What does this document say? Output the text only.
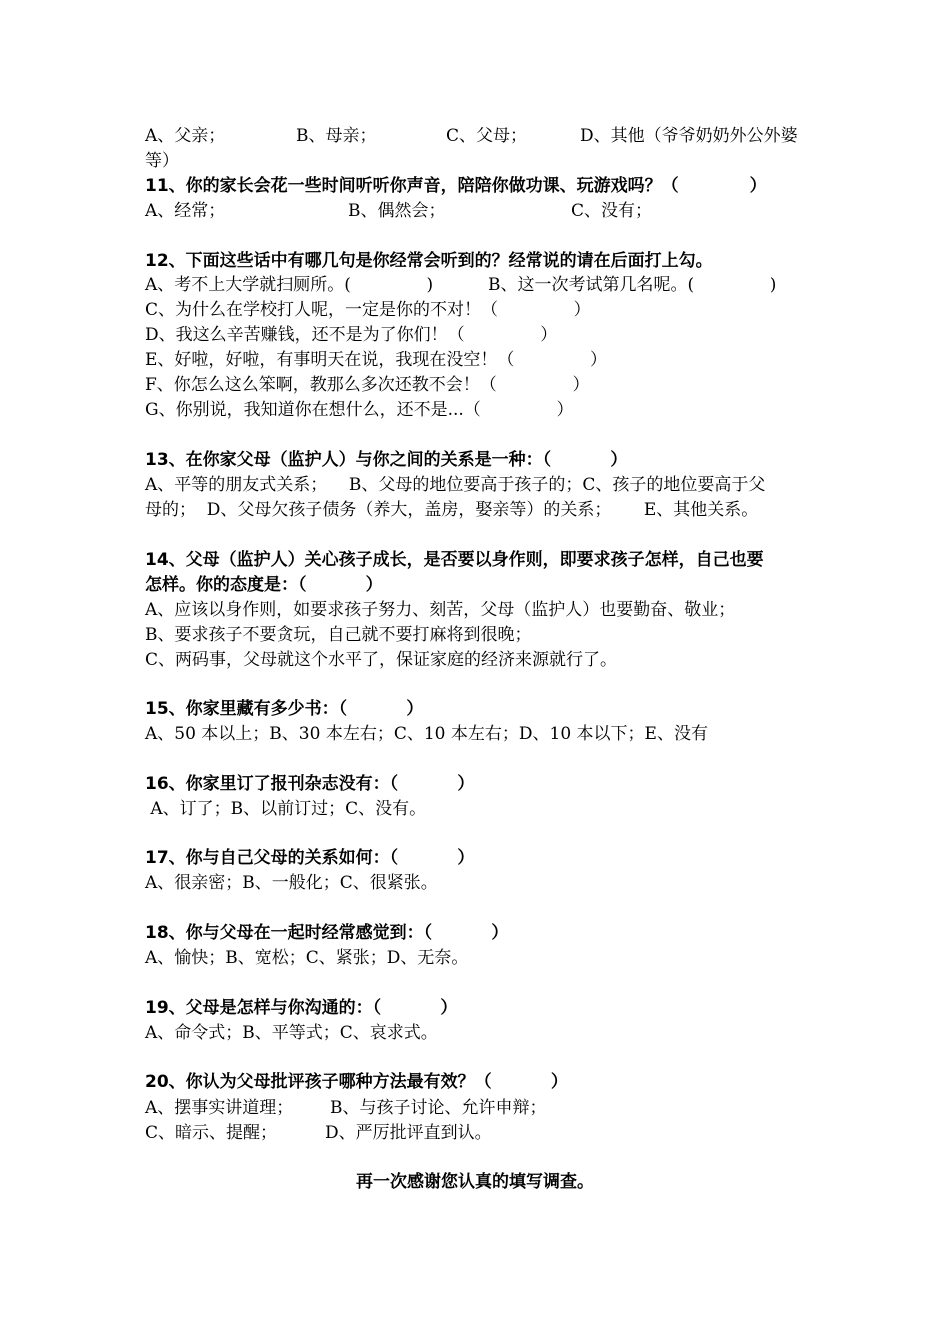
A、父亲；	B、母亲；	C、父母；	D、其他（爷爷奶奶外公外婆
等）
11、你的家长会花一些时间听听你声音，陪陪你做功课、玩游戏吗？（            ）
A、经常；	B、偶然会；	C、没有；
12、下面这些话中有哪几句是你经常会听到的？经常说的请在后面打上勾。
A、考不上大学就扫厕所。(              )	B、这一次考试第几名呢。(              )
C、为什么在学校打人呢，一定是你的不对！（              ）
D、我这么辛苦赚钱，还不是为了你们！（              ）
E、好啦，好啦，有事明天在说，我现在没空！（              ）
F、你怎么这么笨啊，教那么多次还教不会！（              ）
G、你别说，我知道你在想什么，还不是...（              ）
13、在你家父母（监护人）与你之间的关系是一种：（          ）
A、平等的朋友式关系；    B、父母的地位要高于孩子的；C、孩子的地位要高于父
母的；  D、父母欠孩子债务（养大，盖房，娶亲等）的关系；      E、其他关系。
14、父母（监护人）关心孩子成长，是否要以身作则，即要求孩子怎样，自己也要
怎样。你的态度是：（          ）
A、应该以身作则，如要求孩子努力、刻苦，父母（监护人）也要勤奋、敬业；
B、要求孩子不要贪玩，自己就不要打麻将到很晚；
C、两码事，父母就这个水平了，保证家庭的经济来源就行了。
15、你家里藏有多少书：（          ）
A、50 本以上；B、30 本左右；C、10 本左右；D、10 本以下；E、没有
16、你家里订了报刊杂志没有：（          ）
A、订了；B、以前订过；C、没有。
17、你与自己父母的关系如何：（          ）
A、很亲密；B、一般化；C、很紧张。
18、你与父母在一起时经常感觉到：（          ）
A、愉快；B、宽松；C、紧张；D、无奈。
19、父母是怎样与你沟通的：（          ）
A、命令式；B、平等式；C、哀求式。
20、你认为父母批评孩子哪种方法最有效？（          ）
A、摆事实讲道理； B、与孩子讨论、允许申辩；
C、暗示、提醒；	D、严厉批评直到认。
再一次感谢您认真的填写调查。
